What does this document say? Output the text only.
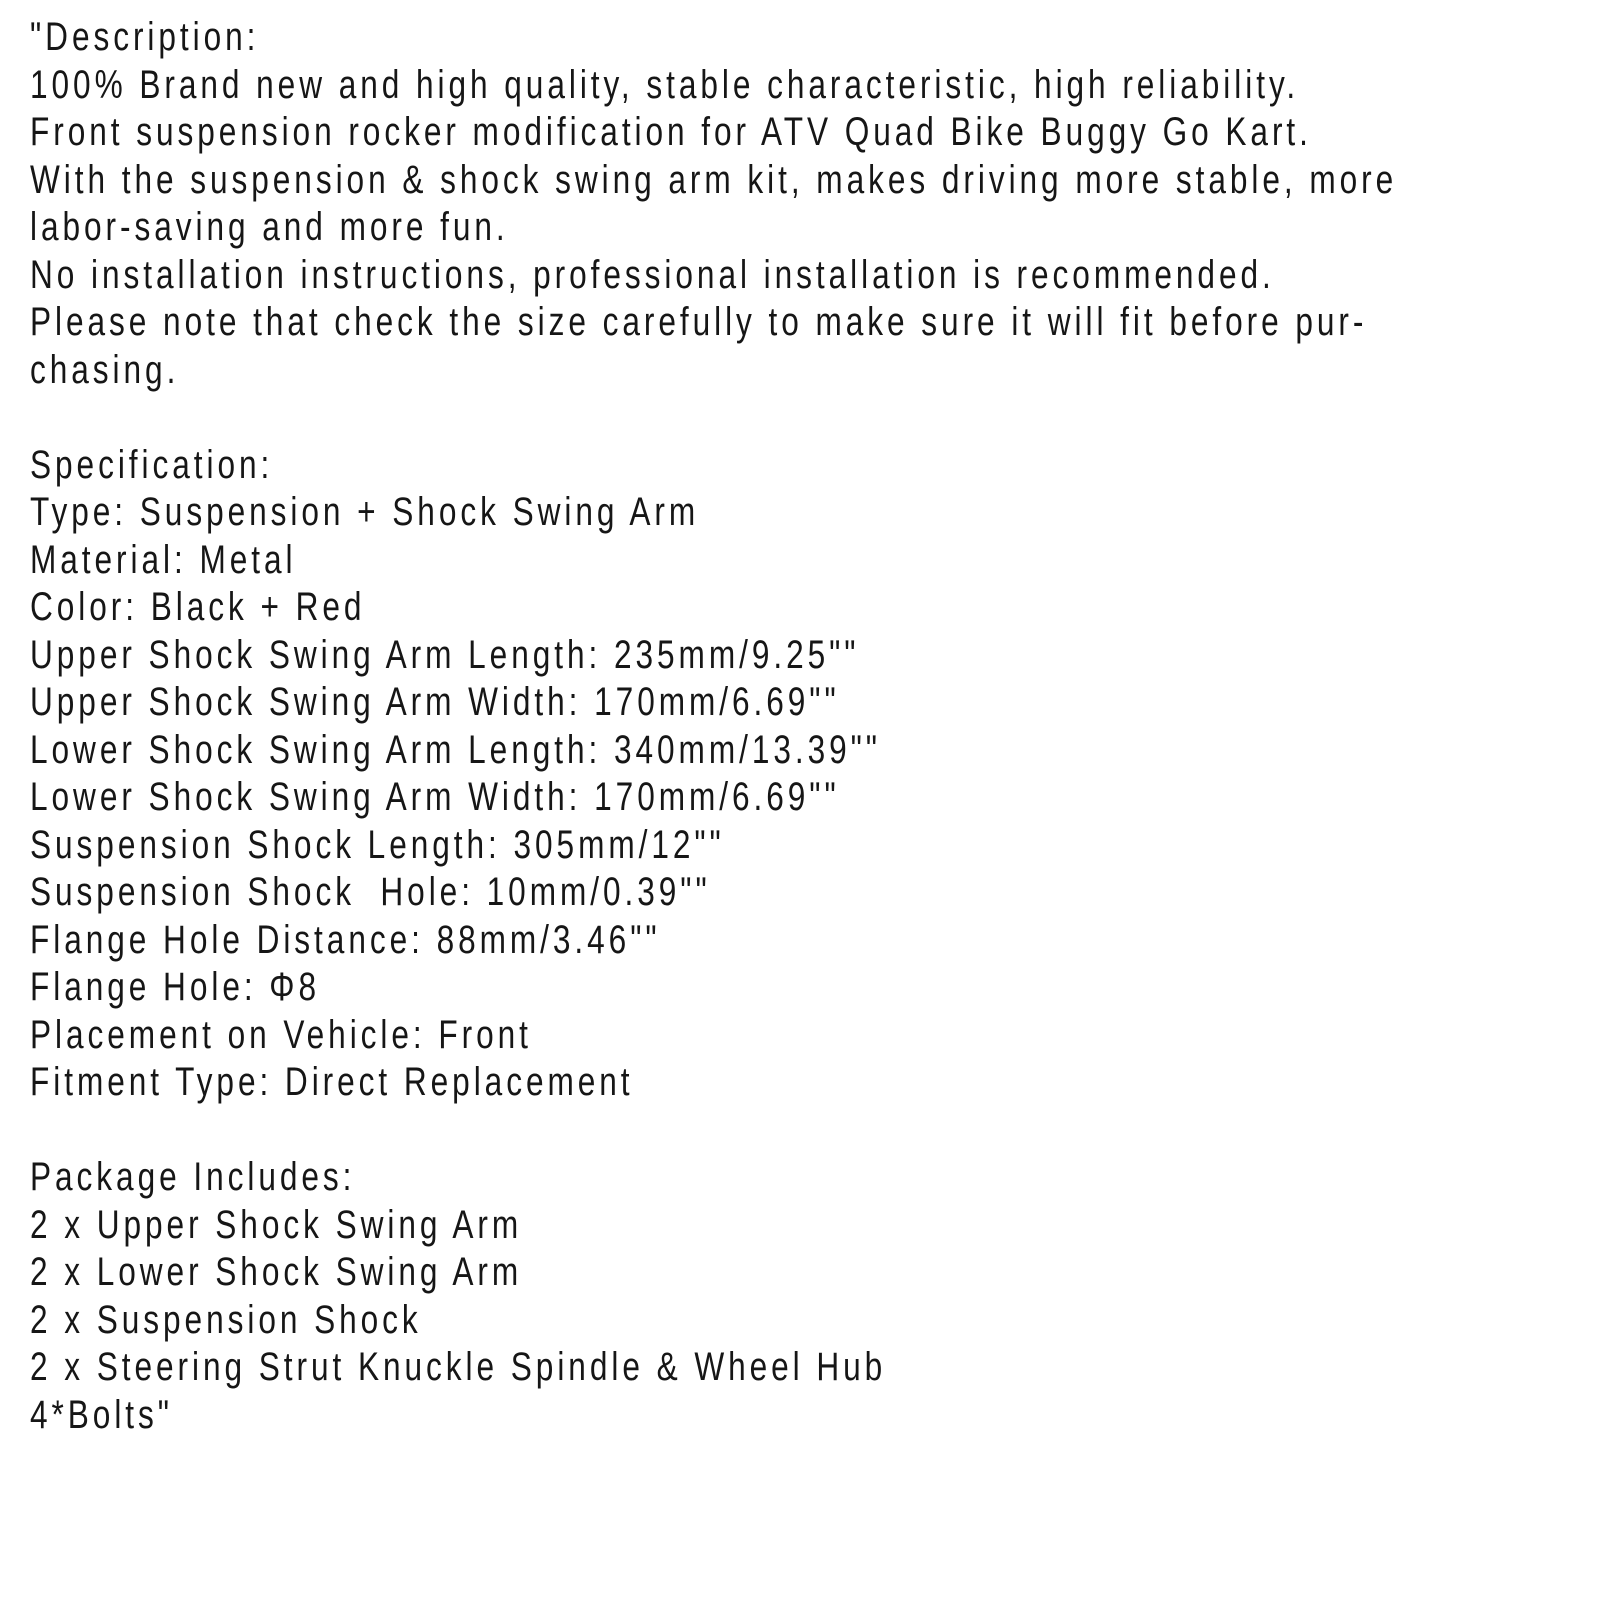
"Description:
100% Brand new and high quality, stable characteristic, high reliability.
Front suspension rocker modification for ATV Quad Bike Buggy Go Kart.
With the suspension & shock swing arm kit, makes driving more stable, more
labor-saving and more fun.
No installation instructions, professional installation is recommended.
Please note that check the size carefully to make sure it will fit before pur-
chasing.
Specification:
Type: Suspension + Shock Swing Arm
Material: Metal
Color: Black + Red
Upper Shock Swing Arm Length: 235mm/9.25""
Upper Shock Swing Arm Width: 170mm/6.69""
Lower Shock Swing Arm Length: 340mm/13.39""
Lower Shock Swing Arm Width: 170mm/6.69""
Suspension Shock Length: 305mm/12""
Suspension Shock  Hole: 10mm/0.39""
Flange Hole Distance: 88mm/3.46""
Flange Hole: Φ8
Placement on Vehicle: Front
Fitment Type: Direct Replacement
Package Includes:
2 x Upper Shock Swing Arm
2 x Lower Shock Swing Arm
2 x Suspension Shock
2 x Steering Strut Knuckle Spindle & Wheel Hub
4*Bolts"
